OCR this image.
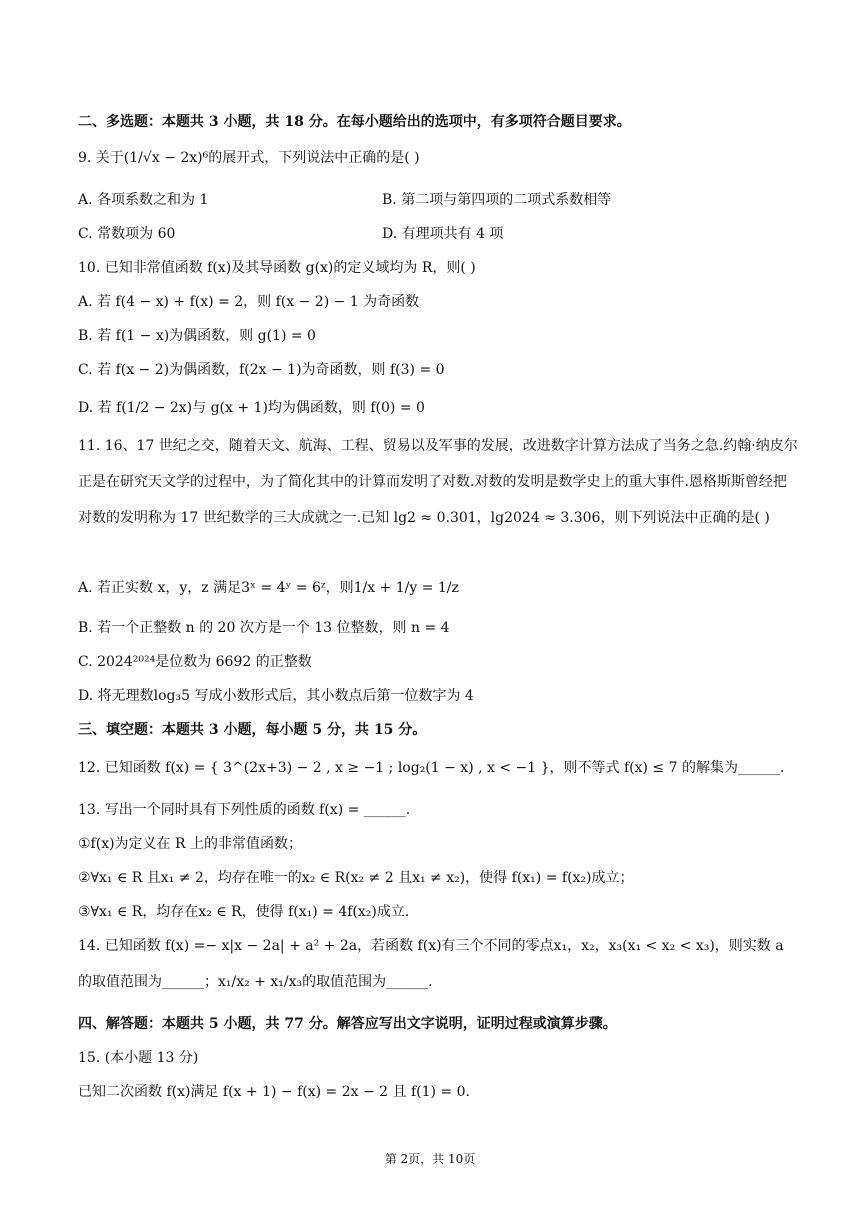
二、多选题：本题共 3 小题，共 18 分。在每小题给出的选项中，有多项符合题目要求。
9. 关于(1/√x − 2x)⁶的展开式，下列说法中正确的是( )
A. 各项系数之和为 1	B. 第二项与第四项的二项式系数相等
C. 常数项为 60	D. 有理项共有 4 项
10. 已知非常值函数 f(x)及其导函数 g(x)的定义域均为 R，则( )
A. 若 f(4 − x) + f(x) = 2，则 f(x − 2) − 1 为奇函数
B. 若 f(1 − x)为偶函数，则 g(1) = 0
C. 若 f(x − 2)为偶函数，f(2x − 1)为奇函数，则 f(3) = 0
D. 若 f(1/2 − 2x)与 g(x + 1)均为偶函数，则 f(0) = 0
11. 16、17 世纪之交，随着天文、航海、工程、贸易以及军事的发展，改进数字计算方法成了当务之急.约翰·纳皮尔正是在研究天文学的过程中，为了简化其中的计算而发明了对数.对数的发明是数学史上的重大事件.恩格斯斯曾经把对数的发明称为 17 世纪数学的三大成就之一.已知 lg2 ≈ 0.301，lg2024 ≈ 3.306，则下列说法中正确的是( )
A. 若正实数 x，y，z 满足3ˣ = 4ʸ = 6ᶻ，则1/x + 1/y = 1/z
B. 若一个正整数 n 的 20 次方是一个 13 位整数，则 n = 4
C. 2024²⁰²⁴是位数为 6692 的正整数
D. 将无理数log₃5 写成小数形式后，其小数点后第一位数字为 4
三、填空题：本题共 3 小题，每小题 5 分，共 15 分。
12. 已知函数 f(x) = { 3^(2x+3) − 2 , x ≥ −1 ; log₂(1 − x) , x < −1 }，则不等式 f(x) ≤ 7 的解集为______.
13. 写出一个同时具有下列性质的函数 f(x) = ______.
①f(x)为定义在 R 上的非常值函数；
②∀x₁ ∈ R 且x₁ ≠ 2，均存在唯一的x₂ ∈ R(x₂ ≠ 2 且x₁ ≠ x₂)，使得 f(x₁) = f(x₂)成立；
③∀x₁ ∈ R，均存在x₂ ∈ R，使得 f(x₁) = 4f(x₂)成立.
14. 已知函数 f(x) =− x|x − 2a| + a² + 2a，若函数 f(x)有三个不同的零点x₁，x₂，x₃(x₁ < x₂ < x₃)，则实数 a 的取值范围为______；x₁/x₂ + x₁/x₃的取值范围为______.
四、解答题：本题共 5 小题，共 77 分。解答应写出文字说明，证明过程或演算步骤。
15. (本小题 13 分)
已知二次函数 f(x)满足 f(x + 1) − f(x) = 2x − 2 且 f(1) = 0.
第 2页，共 10页
